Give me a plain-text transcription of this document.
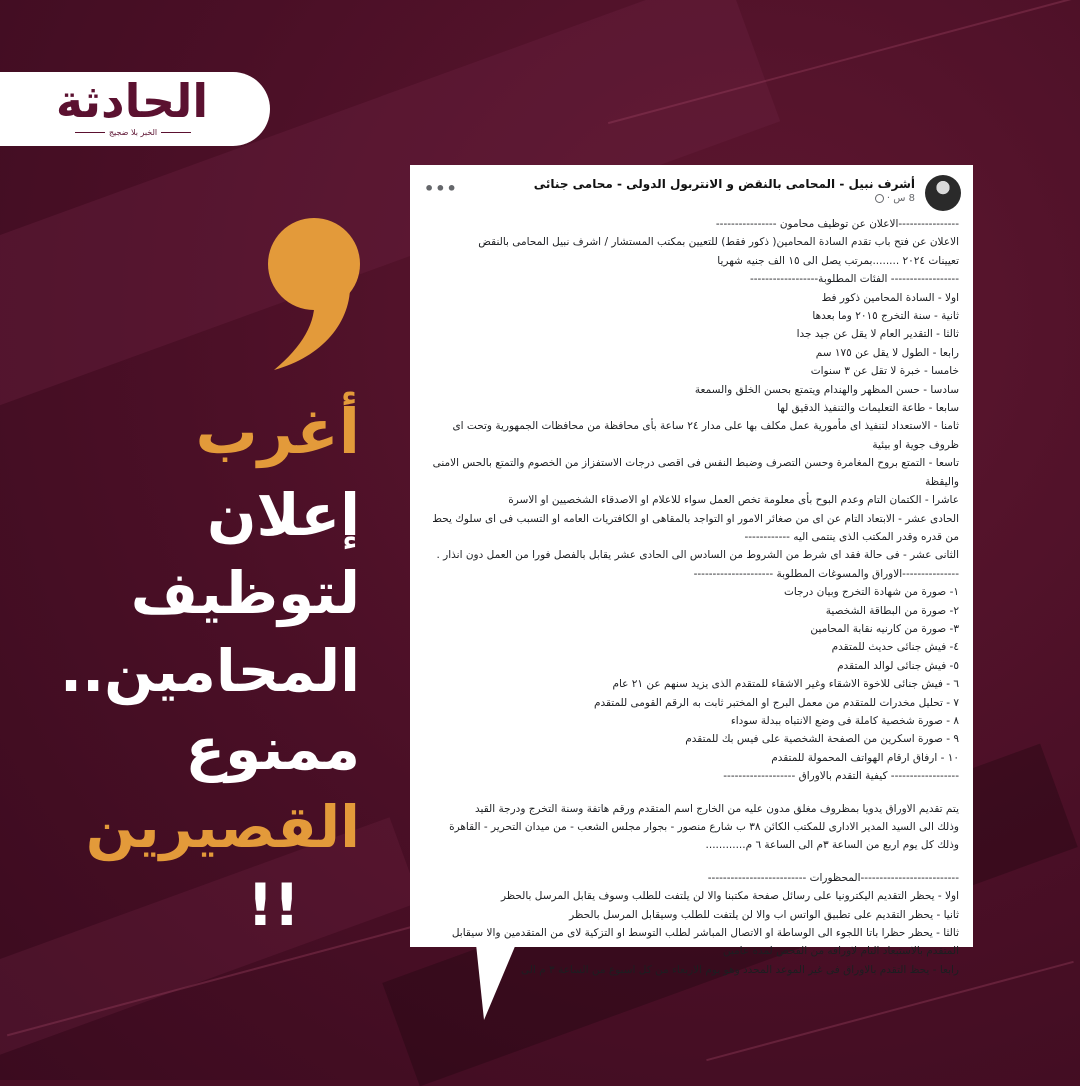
الحادثة
الخبر بلا ضجيج
أغرب
إعلان
لتوظيف
المحامين..
ممنوع
القصيرين
!!
أشرف نبيل - المحامى بالنقض و الانتربول الدولى - محامى جنائى
8 س ·
•••

----------------الاعلان عن توظيف محامون ----------------

الاعلان عن فتح باب تقدم السادة المحامين( ذكور فقط) للتعيين بمكتب المستشار / اشرف نبيل المحامى بالنقض

تعيينات ٢٠٢٤ ........بمرتب يصل الى ١٥ الف جنيه شهريا

------------------ الفئات المطلوبة------------------

اولا - السادة المحامين ذكور فط

ثانية - سنة التخرج ٢٠١٥ وما بعدها

ثالثا - التقدير العام لا يقل عن جيد جدا

رابعا - الطول لا يقل عن ١٧٥ سم

خامسا - خبرة لا تقل عن ٣ سنوات

سادسا - حسن المظهر والهندام ويتمتع بحسن الخلق والسمعة

سابعا - طاعة التعليمات والتنفيذ الدقيق لها

ثامنا - الاستعداد لتنفيذ اى مأمورية عمل مكلف بها على مدار ٢٤ ساعة بأى محافظة من محافظات الجمهورية وتحت اى ظروف جوية او بيئية

تاسعا - التمتع بروح المغامرة وحسن التصرف وضبط النفس فى اقصى درجات الاستفزاز من الخصوم والتمتع بالحس الامنى واليقظة

عاشرا - الكتمان التام وعدم البوح بأى معلومة تخص العمل سواء للاعلام او الاصدقاء الشخصيين او الاسرة

الحادى عشر - الابتعاد التام عن اى من صغائر الامور او التواجد بالمقاهى او الكافتريات العامه او التسبب فى اى سلوك يحط من قدره وقدر المكتب الذى ينتمى اليه ------------

الثانى عشر - فى حالة فقد اى شرط من الشروط من السادس الى الحادى عشر يقابل بالفصل فورا من العمل دون انذار .

---------------الاوراق والمسوغات المطلوبة ---------------------

١- صورة من شهادة التخرج وبيان درجات

٢- صورة من البطاقة الشخصية

٣- صورة من كارنيه نقابة المحامين

٤- فيش جنائى حديث للمتقدم

٥- فيش جنائى لوالد المتقدم

٦ - فيش جنائى للاخوة الاشقاء وغير الاشقاء للمتقدم الذى يزيد سنهم عن ٢١ عام

٧ - تحليل مخدرات للمتقدم من معمل البرج او المختبر ثابت به الرقم القومى للمتقدم

٨ - صورة شخصية كاملة فى وضع الانتباه ببدلة سوداء

٩ - صورة اسكرين من الصفحة الشخصية على فيس بك للمتقدم

١٠ - ارفاق ارقام الهواتف المحمولة للمتقدم

------------------ كيفية التقدم بالاوراق -------------------

يتم تقديم الاوراق يدويا بمظروف مغلق مدون عليه من الخارج اسم المتقدم ورقم هاتفة وسنة التخرج ودرجة القيد

وذلك الى السيد المدير الادارى للمكتب الكائن ٣٨ ب شارع منصور - بجوار مجلس الشعب - من ميدان التحرير - القاهرة وذلك كل يوم اربع من الساعة ٣م الى الساعة ٦ م............

--------------------------المحظورات --------------------------

اولا - يحظر التقديم اليكترونيا على رسائل صفحة مكتبنا والا لن يلتفت للطلب وسوف يقابل المرسل بالحظر

ثانيا - يحظر التقديم على تطبيق الواتس اب والا لن يلتفت للطلب وسيقابل المرسل بالحظر

ثالثا - يحظر حظرا باتا اللجوء الى الوساطة او الاتصال المباشر لطلب التوسط او التزكية لاى من المتقدمين والا سيقابل المتقدم بالاستبعاد التام لاوراقه من الفحص لمدة عامين

رابعا - يحظ التقدم بالاوراق فى غير الموعد المحدد وهو يوم الاربعاء من كل اسبوع من الساعة ٣ م الى
